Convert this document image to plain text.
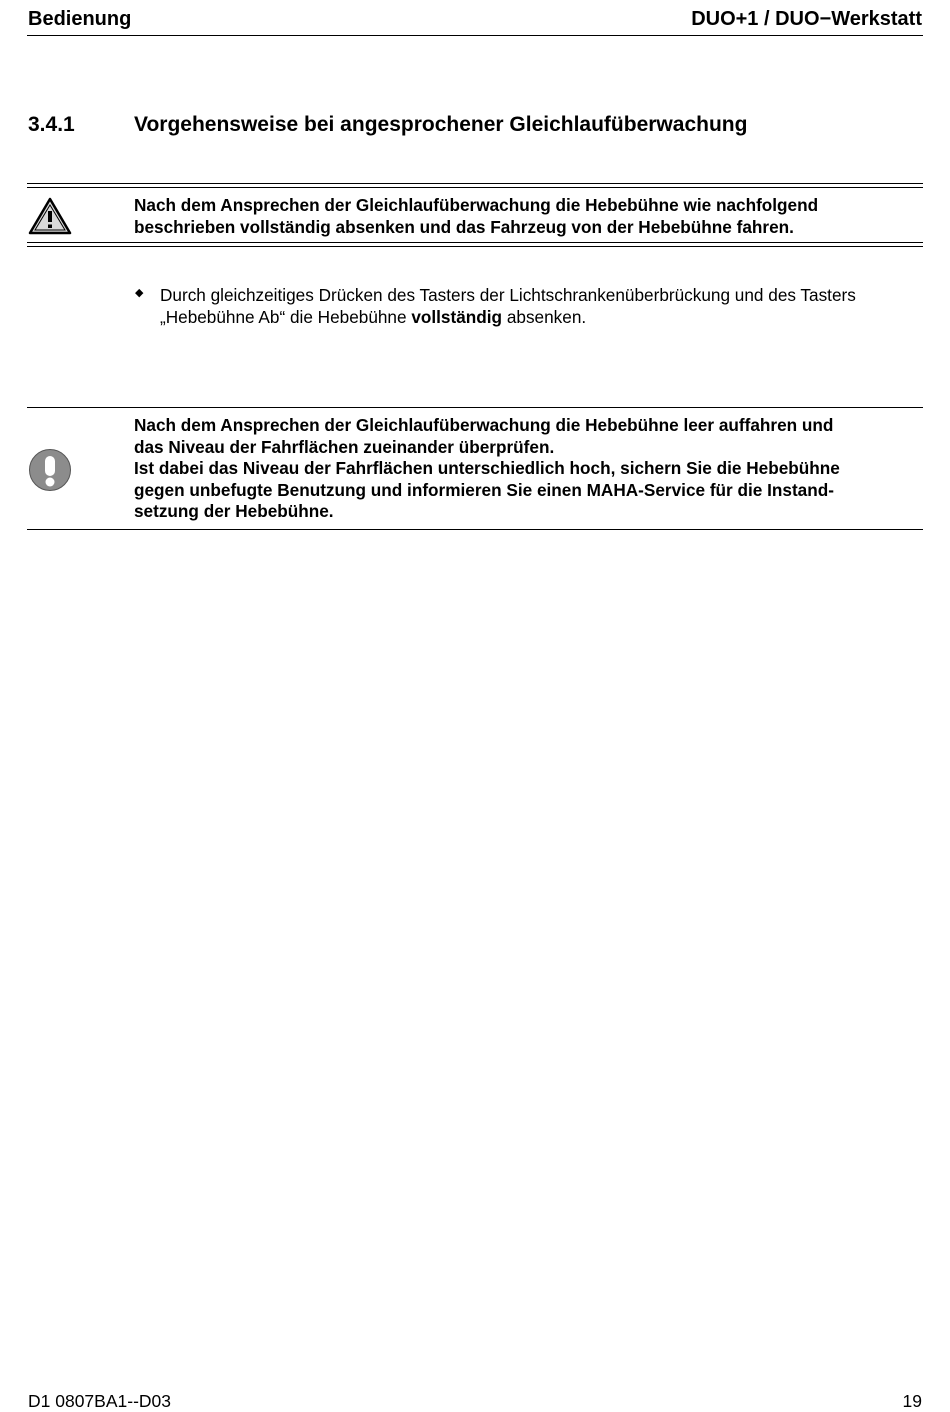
Bedienung	DUO+1 / DUO−Werkstatt
3.4.1	Vorgehensweise bei angesprochener Gleichlaufüberwachung
Nach dem Ansprechen der Gleichlaufüberwachung die Hebebühne wie nachfolgend
beschrieben vollständig absenken und das Fahrzeug von der Hebebühne fahren.
◆ Durch gleichzeitiges Drücken des Tasters der Lichtschrankenüberbrückung und des Tasters
„Hebebühne Ab“ die Hebebühne vollständig absenken.
Nach dem Ansprechen der Gleichlaufüberwachung die Hebebühne leer auffahren und
das Niveau der Fahrflächen zueinander überprüfen.
Ist dabei das Niveau der Fahrflächen unterschiedlich hoch, sichern Sie die Hebebühne
gegen unbefugte Benutzung und informieren Sie einen MAHA-Service für die Instand-
setzung der Hebebühne.
D1 0807BA1--D03	19
